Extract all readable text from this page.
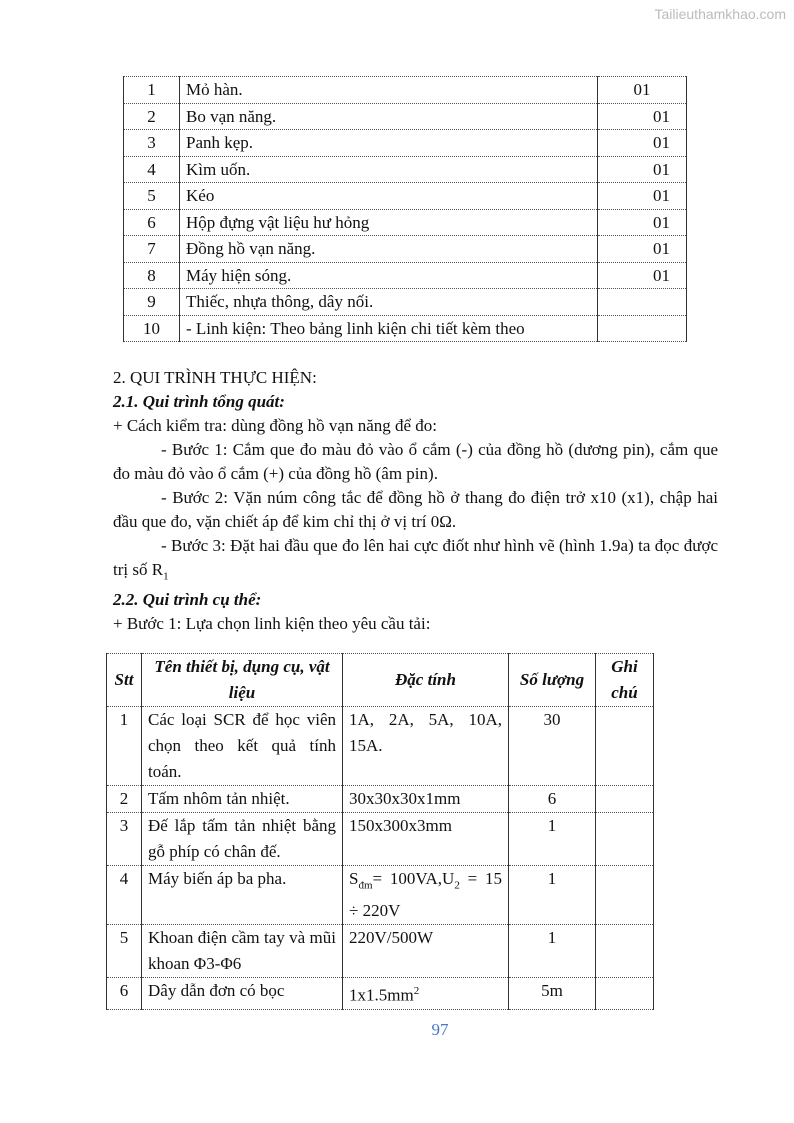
Tailieuthamkhao.com
1	Mỏ hàn.	01
2	Bo vạn năng.	01
3	Panh kẹp.	01
4	Kìm uốn.	01
5	Kéo	01
6	Hộp đựng vật liệu hư hỏng	01
7	Đồng hồ vạn năng.	01
8	Máy hiện sóng.	01
9	Thiếc, nhựa thông, dây nối.	
10	- Linh kiện: Theo bảng linh kiện chi tiết kèm theo	

2. QUI TRÌNH THỰC HIỆN:

2.1. Qui trình tổng quát:

+ Cách kiểm tra: dùng đồng hồ vạn năng để đo:

- Bước 1: Cắm que đo màu đỏ vào ổ cắm (-) của đồng hồ (dương pin), cắm que đo màu đỏ vào ổ cắm (+) của đồng hồ (âm pin).

- Bước 2: Vặn núm công tắc để đồng hồ ở thang đo điện trở x10 (x1), chập hai đầu que đo, vặn chiết áp để kim chỉ thị ở vị trí 0Ω.

- Bước 3: Đặt hai đầu que đo lên hai cực điốt như hình vẽ (hình 1.9a) ta đọc được trị số $R_1$

2.2. Qui trình cụ thể:

+ Bước 1: Lựa chọn linh kiện theo yêu cầu tải:

Stt	Tên thiết bị, dụng cụ, vật liệu	Đặc tính	Số lượng	Ghi chú
1	Các loại SCR để học viên chọn theo kết quả tính toán.	1A, 2A, 5A, 10A, 15A.	30	
2	Tấm nhôm tản nhiệt.	30x30x30x1mm	6	
3	Đế lắp tấm tản nhiệt bằng gỗ phíp có chân đế.	150x300x3mm	1	
4	Máy biến áp ba pha.	$S_{đm}= 100VA,U_2 = 15 \div 220V$	1	
5	Khoan điện cầm tay và mũi khoan Φ3-Φ6	220V/500W	1	
6	Dây dẫn đơn có bọc	$1x1.5mm^2$	5m	
97
